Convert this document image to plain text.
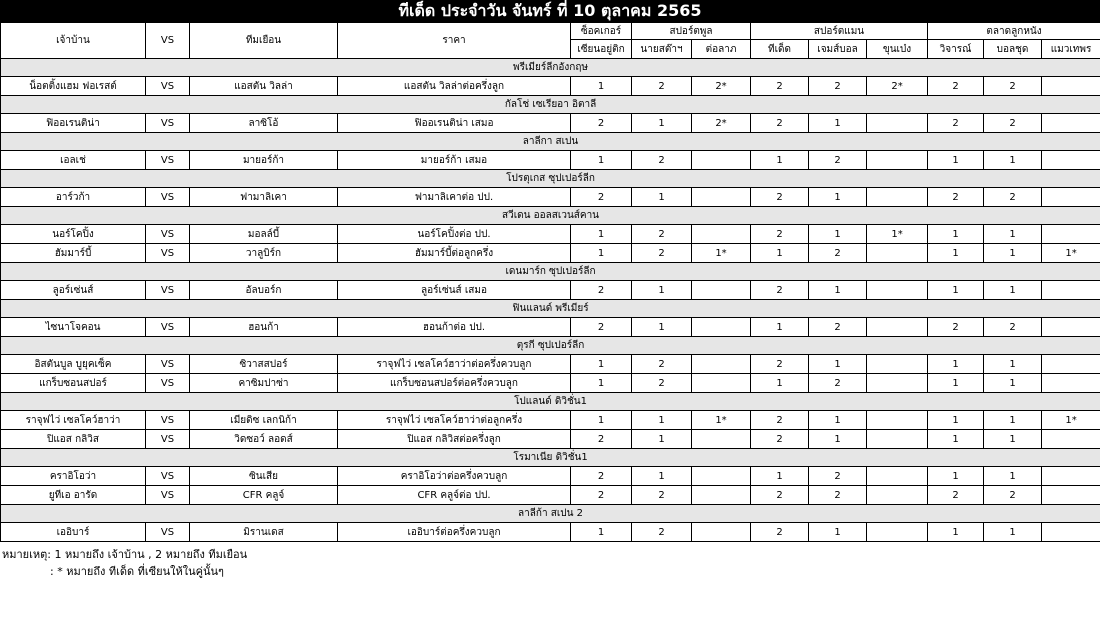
ทีเด็ด ประจำวัน จันทร์ ที่ 10 ตุลาคม 2565
เจ้าบ้าน	VS	ทีมเยือน	ราคา	ซ็อคเกอร์	สปอร์ตพูล		สปอร์ตแมน			ตลาดลูกหนัง		
				เซียนอยู่ติก	นายสต๊าฯ	ต่อลาภ	ทีเด็ด	เจมส์บอล	ขุนเบ๋ง	วิจารณ์	บอลชุด	แมวเทพร
พรีเมียร์ลีกอังกฤษ												
น็อตติ้งแฮม ฟอเรสต์	VS	แอสตัน วิลล่า	แอสตัน วิลล่าต่อครึ่งลูก	1	2	2*	2	2	2*	2	2	
กัลโช่ เซเรียอา อิตาลี												
ฟิออเรนติน่า	VS	ลาซิโอ้	ฟิออเรนติน่า เสมอ	2	1	2*	2	1		2	2	
ลาลีกา สเปน												
เอลเช่	VS	มายอร์ก้า	มายอร์ก้า เสมอ	1	2		1	2		1	1	
โปรตุเกส ซุปเปอร์ลีก												
อาร์วก้า	VS	ฟามาลิเคา	ฟามาลิเคาต่อ ปป.	2	1		2	1		2	2	
สวีเดน ออลสเวนส์คาน												
นอร์โคปิ้ง	VS	มอลล์บี้	นอร์โคปิ้งต่อ ปป.	1	2		2	1	1*	1	1	
ฮัมมาร์บี้	VS	วาลูบิร์ก	ฮัมมาร์บี้ต่อลูกครึ่ง	1	2	1*	1	2		1	1	1*
เดนมาร์ก ซุปเปอร์ลีก												
ลูอร์เซ่นส์	VS	อัลบอร์ก	ลูอร์เซ่นส์ เสมอ	2	1		2	1		1	1	
ฟินแลนด์ พรีเมียร์												
ไซนาโจคอน	VS	ฮอนก้า	ฮอนก้าต่อ ปป.	2	1		1	2		2	2	
ตุรกี ซุปเปอร์ลีก												
อิสตันบูล บูยุคเซ็ค	VS	ซิวาสสปอร์	ราจุฟไว่ เซลโคว์ฮาว่าต่อครึ่งควบลูก	1	2		2	1		1	1	
แกร็บซอนสปอร์	VS	คาซิมปาซ่า	แกร็บซอนสปอร์ต่อครึ่งควบลูก	1	2		1	2		1	1	
โปแลนด์ ดิวิชั่น1												
ราจุฟไว่ เซลโคว์ฮาว่า	VS	เมียดิซ เลกนิก้า	ราจุฟไว่ เซลโคว์ฮาว่าต่อลูกครึ่ง	1	1	1*	2	1		1	1	1*
ปิแอส กลิวิส	VS	วิดซอว์ ลอดส์	ปิแอส กลิวิสต่อครึ่งลูก	2	1		2	1		1	1	
โรมาเนีย ดิวิชั่น1												
คราอิโอว่า	VS	ซินเสีย	คราอิโอว่าต่อครึ่งควบลูก	2	1		1	2		1	1	
ยูทีเอ อารัด	VS	CFR คลูจ์	CFR คลูจ์ต่อ ปป.	2	2		2	2		2	2	
ลาลีก้า สเปน 2												
เออิบาร์	VS	มิรานเดส	เออิบาร์ต่อครึ่งควบลูก	1	2		2	1		1	1	
หมายเหตุ: 1 หมายถึง เจ้าบ้าน , 2 หมายถึง ทีมเยือน
: * หมายถึง ทีเด็ด ที่เซียนให้ในคู่นั้นๆ
